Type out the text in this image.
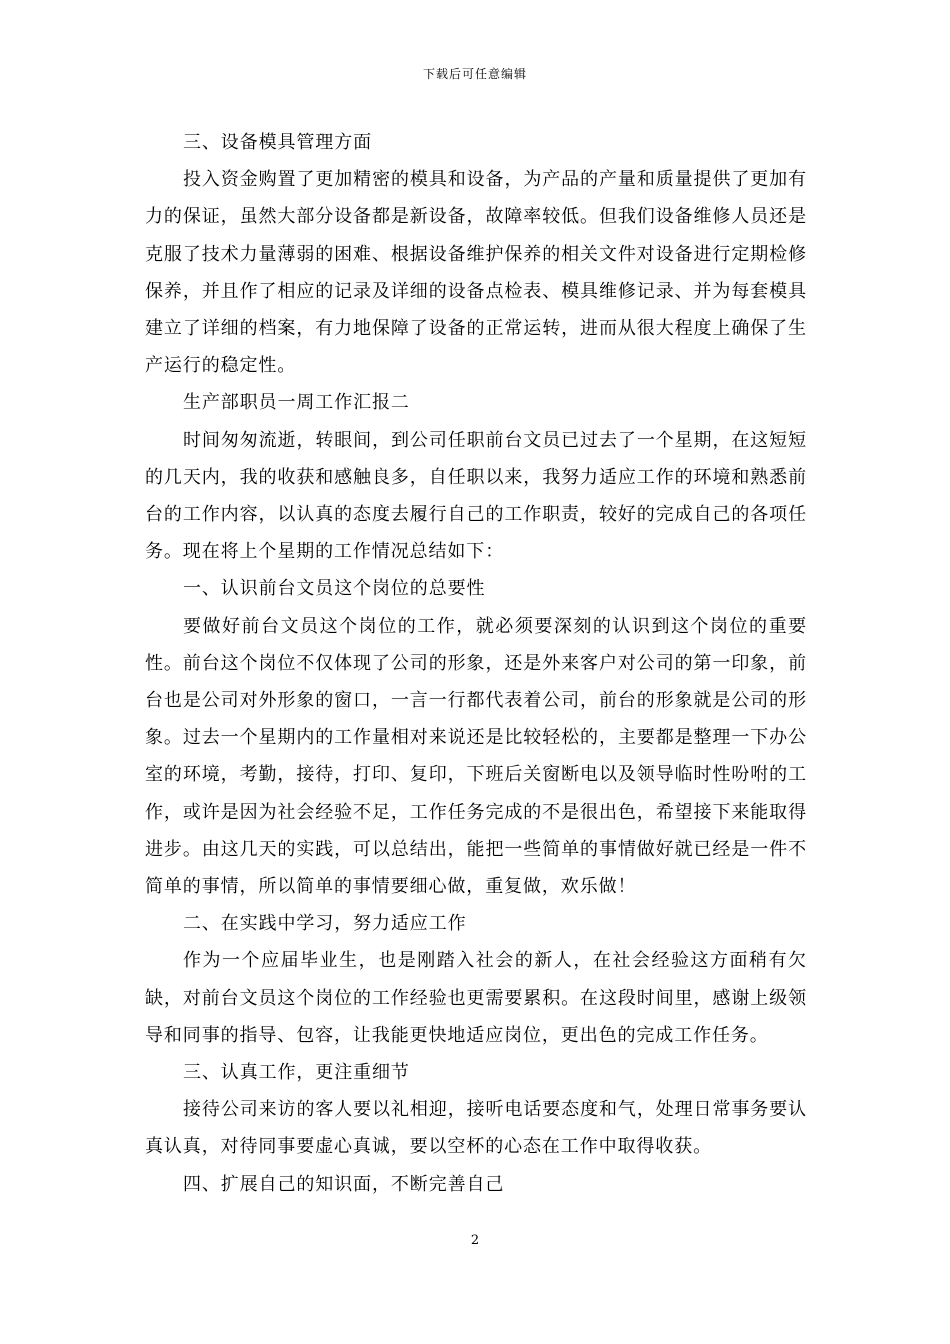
下载后可任意编辑

三、设备模具管理方面

投入资金购置了更加精密的模具和设备，为产品的产量和质量提供了更加有力的保证，虽然大部分设备都是新设备，故障率较低。但我们设备维修人员还是克服了技术力量薄弱的困难、根据设备维护保养的相关文件对设备进行定期检修保养，并且作了相应的记录及详细的设备点检表、模具维修记录、并为每套模具建立了详细的档案，有力地保障了设备的正常运转，进而从很大程度上确保了生产运行的稳定性。

生产部职员一周工作汇报二

时间匆匆流逝，转眼间，到公司任职前台文员已过去了一个星期，在这短短的几天内，我的收获和感触良多，自任职以来，我努力适应工作的环境和熟悉前台的工作内容，以认真的态度去履行自己的工作职责，较好的完成自己的各项任务。现在将上个星期的工作情况总结如下：

一、认识前台文员这个岗位的总要性

要做好前台文员这个岗位的工作，就必须要深刻的认识到这个岗位的重要性。前台这个岗位不仅体现了公司的形象，还是外来客户对公司的第一印象，前台也是公司对外形象的窗口，一言一行都代表着公司，前台的形象就是公司的形象。过去一个星期内的工作量相对来说还是比较轻松的，主要都是整理一下办公室的环境，考勤，接待，打印、复印，下班后关窗断电以及领导临时性吩咐的工作，或许是因为社会经验不足，工作任务完成的不是很出色，希望接下来能取得进步。由这几天的实践，可以总结出，能把一些简单的事情做好就已经是一件不简单的事情，所以简单的事情要细心做，重复做，欢乐做！

二、在实践中学习，努力适应工作

作为一个应届毕业生，也是刚踏入社会的新人，在社会经验这方面稍有欠缺，对前台文员这个岗位的工作经验也更需要累积。在这段时间里，感谢上级领导和同事的指导、包容，让我能更快地适应岗位，更出色的完成工作任务。

三、认真工作，更注重细节

接待公司来访的客人要以礼相迎，接听电话要态度和气，处理日常事务要认真认真，对待同事要虚心真诚，要以空杯的心态在工作中取得收获。

四、扩展自己的知识面，不断完善自己

2
